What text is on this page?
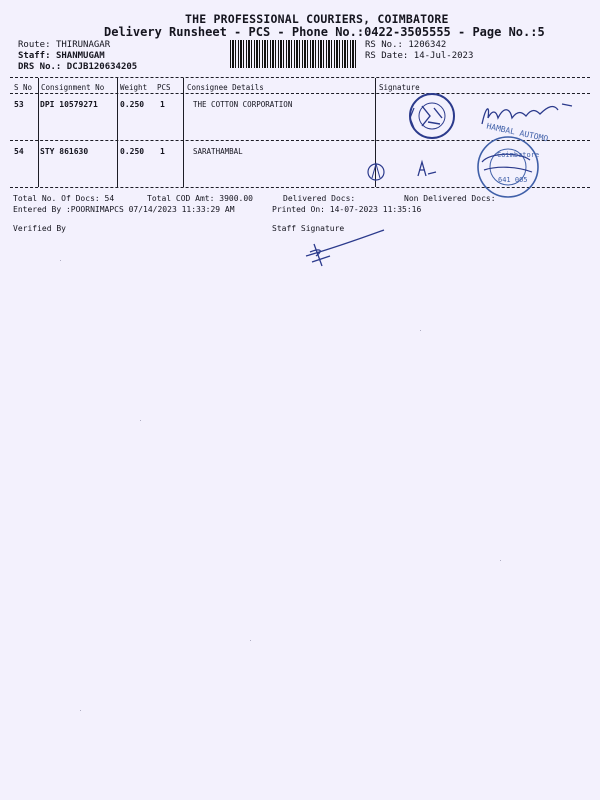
THE PROFESSIONAL COURIERS, COIMBATORE
Delivery Runsheet - PCS - Phone No.:0422-3505555 - Page No.:5
Route: THIRUNAGAR
Staff: SHANMUGAM
DRS No.: DCJB120634205
RS No.: 1206342
RS Date: 14-Jul-2023
S No Consignment No Weight PCS Consignee Details	Signature
53 DPI 10579271	0.250 1	THE COTTON CORPORATION
54 STY 861630	0.250 1	SARATHAMBAL
Total No. Of Docs: 54	Total COD Amt: 3900.00	Delivered Docs:	Non Delivered Docs:
Entered By :POORNIMAPCS 07/14/2023 11:33:29 AM	Printed On: 14-07-2023 11:35:16
Verified By	Staff Signature
HAMBAL AUTOMO
Coimbatore
641 005
